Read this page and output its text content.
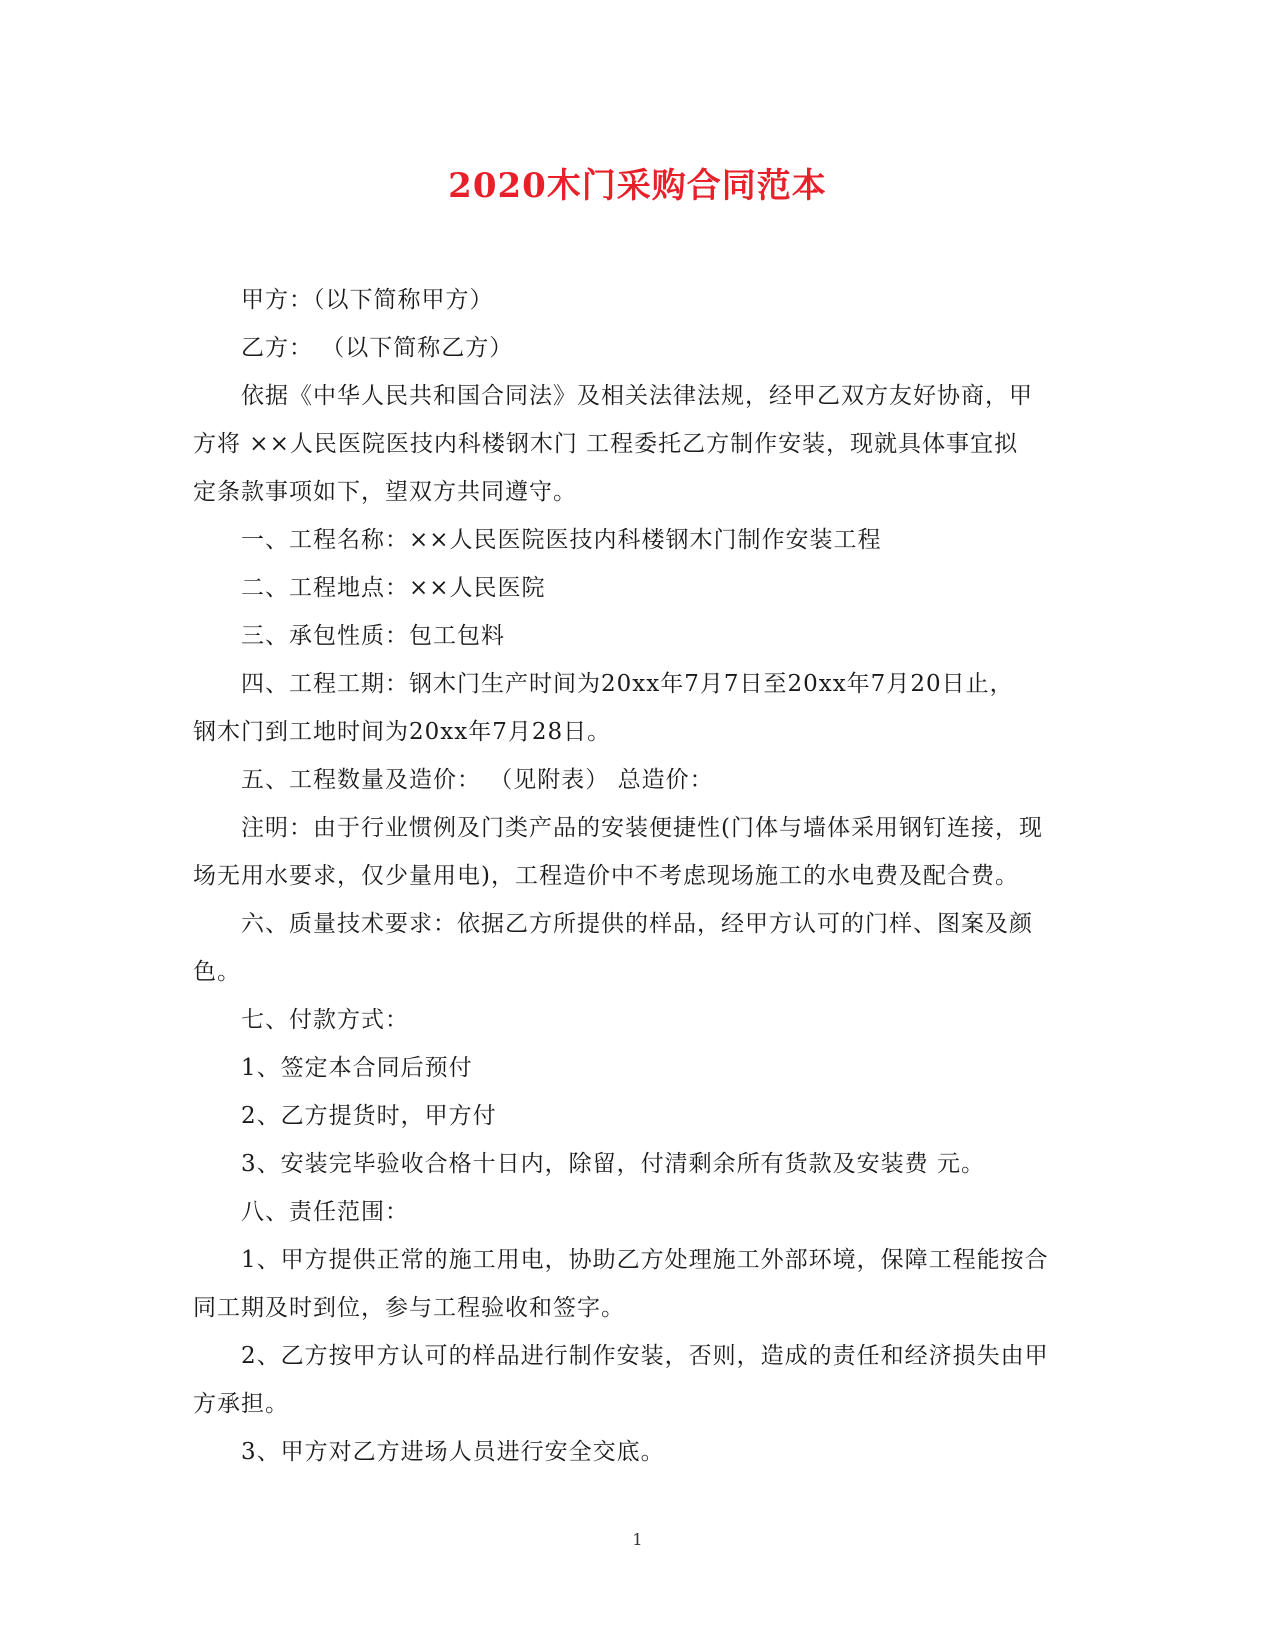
2020木门采购合同范本

甲方：（以下简称甲方）

乙方： （以下简称乙方）

依据《中华人民共和国合同法》及相关法律法规，经甲乙双方友好协商，甲
方将 ××人民医院医技内科楼钢木门 工程委托乙方制作安装，现就具体事宜拟
定条款事项如下，望双方共同遵守。

一、工程名称：××人民医院医技内科楼钢木门制作安装工程

二、工程地点：××人民医院

三、承包性质：包工包料

四、工程工期：钢木门生产时间为20xx年7月7日至20xx年7月20日止，
钢木门到工地时间为20xx年7月28日。

五、工程数量及造价： （见附表） 总造价：

注明：由于行业惯例及门类产品的安装便捷性(门体与墙体采用钢钉连接，现
场无用水要求，仅少量用电)，工程造价中不考虑现场施工的水电费及配合费。

六、质量技术要求：依据乙方所提供的样品，经甲方认可的门样、图案及颜
色。

七、付款方式：

1、签定本合同后预付

2、乙方提货时，甲方付

3、安装完毕验收合格十日内，除留，付清剩余所有货款及安装费 元。

八、责任范围：

1、甲方提供正常的施工用电，协助乙方处理施工外部环境，保障工程能按合
同工期及时到位，参与工程验收和签字。

2、乙方按甲方认可的样品进行制作安装，否则，造成的责任和经济损失由甲
方承担。

3、甲方对乙方进场人员进行安全交底。

1
